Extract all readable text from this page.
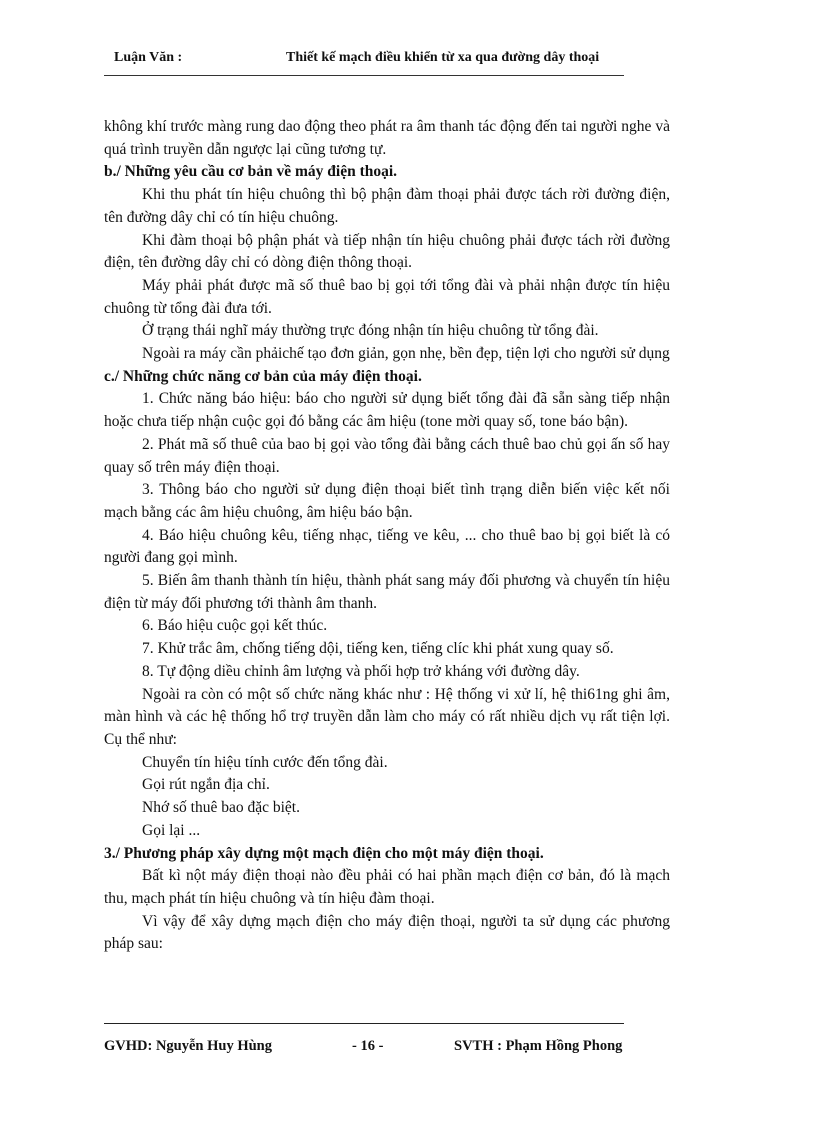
Luận Văn :	Thiết kế mạch điều khiển từ xa qua đường dây thoại

không khí trước màng rung dao động theo phát ra âm thanh tác động đến tai người nghe và quá trình truyền dẫn ngược lại cũng tương tự.

b./ Những yêu cầu cơ bản về máy điện thoại.

Khi thu phát tín hiệu chuông thì bộ phận đàm thoại phải được tách rời đường điện, tên đường dây chỉ có tín hiệu chuông.

Khi đàm thoại bộ phận phát và tiếp nhận tín hiệu chuông phải được tách rời đường điện, tên đường dây chỉ có dòng điện thông thoại.

Máy phải phát được mã số thuê bao bị gọi tới tổng đài và phải nhận được tín hiệu chuông từ tổng đài đưa tới.

Ở trạng thái nghĩ máy thường trực đóng nhận tín hiệu chuông từ tổng đài.

Ngoài ra máy cần phảichế tạo đơn giản, gọn nhẹ, bền đẹp, tiện lợi cho người sử dụng

c./ Những chức năng cơ bản của máy điện thoại.

1. Chức năng báo hiệu: báo cho người sử dụng biết tổng đài đã sẵn sàng tiếp nhận hoặc chưa tiếp nhận cuộc gọi đó bằng các âm hiệu (tone mời quay số, tone báo bận).

2. Phát mã số thuê của bao bị gọi vào tổng đài bằng cách thuê bao chủ gọi ấn số hay quay số trên máy điện thoại.

3. Thông báo cho người sử dụng điện thoại biết tình trạng diễn biến việc kết nối mạch bằng các âm hiệu chuông, âm hiệu báo bận.

4. Báo hiệu chuông kêu, tiếng nhạc, tiếng ve kêu, ... cho thuê bao bị gọi biết là có người đang gọi mình.

5. Biến âm thanh thành tín hiệu, thành phát sang máy đối phương và chuyển tín hiệu điện từ máy đối phương tới thành âm thanh.

6. Báo hiệu cuộc gọi kết thúc.

7. Khử trắc âm, chống tiếng dội, tiếng ken, tiếng clíc khi phát xung quay số.

8. Tự động diều chỉnh âm lượng và phối hợp trở kháng với đường dây.

Ngoài ra còn có một số chức năng khác như : Hệ thống vi xử lí, hệ thi61ng ghi âm, màn hình và các hệ thống hổ trợ truyền dẫn làm cho máy có rất nhiều dịch vụ rất tiện lợi. Cụ thể như:

Chuyển tín hiệu tính cước đến tổng đài.

Gọi rút ngắn địa chỉ.

Nhớ số thuê bao đặc biệt.

Gọi lại ...

3./ Phương pháp xây dựng một mạch điện cho một máy điện thoại.

Bất kì nột máy điện thoại nào đều phải có hai phần mạch điện cơ bản, đó là mạch thu, mạch phát tín hiệu chuông và tín hiệu đàm thoại.

Vì vậy để xây dựng mạch điện cho máy điện thoại, người ta sử dụng các phương pháp sau:

GVHD: Nguyễn Huy Hùng	- 16 -	SVTH : Phạm Hồng Phong
